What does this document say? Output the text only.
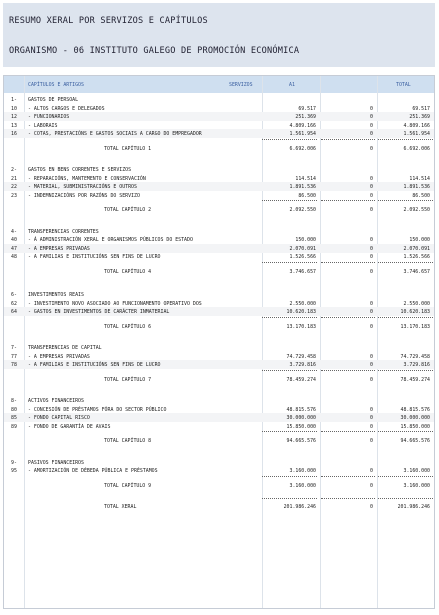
RESUMO XERAL POR SERVIZOS E CAPÍTULOS
ORGANISMO - 06 INSTITUTO GALEGO DE PROMOCIÓN ECONÓMICA
CAPÍTULOS E ARTIGOS	SERVIZOS	A1	TOTAL
1- GASTOS DE PERSOAL
10 - ALTOS CARGOS E DELEGADOS	69.517	0	69.517
12 - FUNCIONARIOS	251.369	0	251.369
13 - LABORAIS	4.809.166	0	4.809.166
16 - COTAS, PRESTACIÓNS E GASTOS SOCIAIS A CARGO DO EMPREGADOR	1.561.954	0	1.561.954
TOTAL CAPÍTULO 1	6.692.006	0	6.692.006
2- GASTOS EN BENS CORRENTES E SERVIZOS
21 - REPARACIÓNS, MANTEMENTO E CONSERVACIÓN	114.514	0	114.514
22 - MATERIAL, SUBMINISTRACIÓNS E OUTROS	1.891.536	0	1.891.536
23 - INDEMNIZACIÓNS POR RAZÓNS DO SERVIZO	86.500	0	86.500
TOTAL CAPÍTULO 2	2.092.550	0	2.092.550
4- TRANSFERENCIAS CORRENTES
40 - Á ADMINISTRACIÓN XERAL E ORGANISMOS PÚBLICOS DO ESTADO	150.000	0	150.000
47 - A EMPRESAS PRIVADAS	2.070.091	0	2.070.091
48 - A FAMILIAS E INSTITUCIÓNS SEN FINS DE LUCRO	1.526.566	0	1.526.566
TOTAL CAPÍTULO 4	3.746.657	0	3.746.657
6- INVESTIMENTOS REAIS
62 - INVESTIMENTO NOVO ASOCIADO AO FUNCIONAMENTO OPERATIVO DOS	2.550.000	0	2.550.000
64 - GASTOS EN INVESTIMENTOS DE CARÁCTER INMATERIAL	10.620.183	0	10.620.183
TOTAL CAPÍTULO 6	13.170.183	0	13.170.183
7- TRANSFERENCIAS DE CAPITAL
77 - A EMPRESAS PRIVADAS	74.729.458	0	74.729.458
78 - A FAMILIAS E INSTITUCIÓNS SEN FINS DE LUCRO	3.729.816	0	3.729.816
TOTAL CAPÍTULO 7	78.459.274	0	78.459.274
8- ACTIVOS FINANCEIROS
80 - CONCESIÓN DE PRÉSTAMOS FÓRA DO SECTOR PÚBLICO	48.815.576	0	48.815.576
85 - FONDO CAPITAL RISCO	30.000.000	0	30.000.000
89 - FONDO DE GARANTÍA DE AVAIS	15.850.000	0	15.850.000
TOTAL CAPÍTULO 8	94.665.576	0	94.665.576
9- PASIVOS FINANCEIROS
95 - AMORTIZACIÓN DE DÉBEDA PÚBLICA E PRÉSTAMOS	3.160.000	0	3.160.000
TOTAL CAPÍTULO 9	3.160.000	0	3.160.000
TOTAL XERAL	201.986.246	0	201.986.246
